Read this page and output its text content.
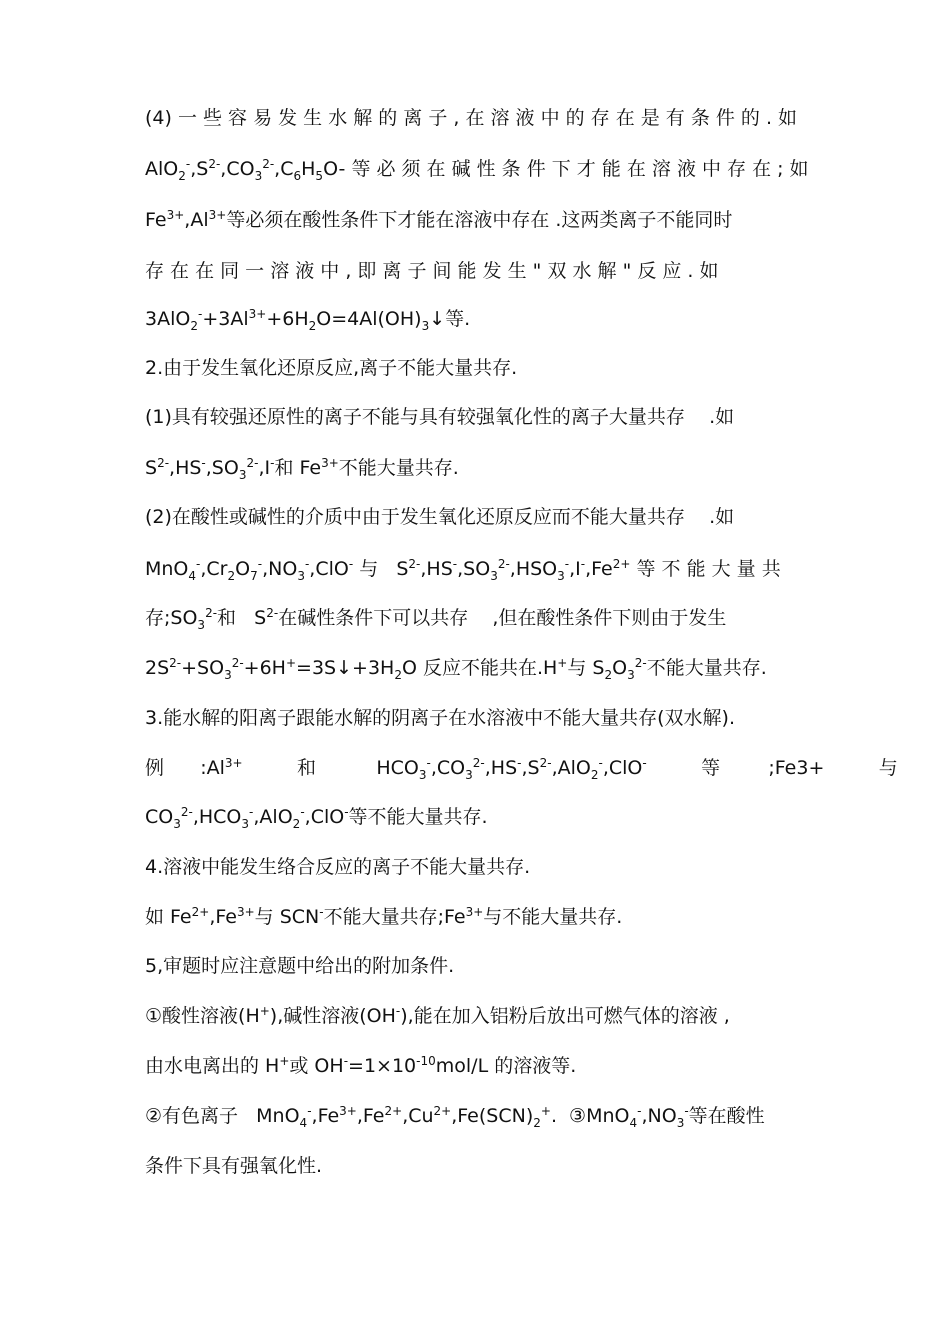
(4) 一 些 容 易 发 生 水 解 的 离 子 , 在 溶 液 中 的 存 在 是 有 条 件 的 . 如
$AlO_2^-,S^{2-},CO_3^{2-},C_6H_5O-$ 等 必 须 在 碱 性 条 件 下 才 能 在 溶 液 中 存 在 ; 如
$Fe^{3+},Al^{3+}$等必须在酸性条件下才能在溶液中存在 .这两类离子不能同时
存 在 在 同 一 溶 液 中 , 即 离 子 间 能 发 生 " 双 水 解 " 反 应 . 如
$3AlO_2^-+3Al^{3+}+6H_2O=4Al(OH)_3↓$等.
2.由于发生氧化还原反应,离子不能大量共存.
(1)具有较强还原性的离子不能与具有较强氧化性的离子大量共存    .如
$S^{2-},HS^-,SO_3^{2-},I^-$和 $Fe^{3+}$不能大量共存.
(2)在酸性或碱性的介质中由于发生氧化还原反应而不能大量共存    .如
$MnO_4^-,Cr_2O_7^-,NO_3^-,ClO^-$ 与   $S^{2-},HS^-,SO_3^{2-},HSO_3^-,I^-,Fe^{2+}$ 等 不 能 大 量 共
存$;SO_3^{2-}$和   $S^{2-}$在碱性条件下可以共存    ,但在酸性条件下则由于发生
$2S^{2-}+SO_3^{2-}+6H^+=3S↓+3H_2O$ 反应不能共在.H+与 $S_2O_3^{2-}$不能大量共存.
3.能水解的阳离子跟能水解的阴离子在水溶液中不能大量共存(双水解).
例      $:Al^{3+}$         和          $HCO_3^-,CO_3^{2-},HS^-,S^{2-},AlO_2^-,ClO^-$         等        ;Fe3+         与
$CO_3^{2-},HCO_3^-,AlO_2^-,ClO^-$等不能大量共存.
4.溶液中能发生络合反应的离子不能大量共存.
如 $Fe^{2+},Fe^{3+}$与 SCN-不能大量共存$;Fe^{3+}$与不能大量共存.
5,审题时应注意题中给出的附加条件.
①酸性溶液(H+),碱性溶液(OH-),能在加入铝粉后放出可燃气体的溶液 ,
由水电离出的 H+或 $OH^-=1\times 10^{-10}mol/L$ 的溶液等.
②有色离子   $MnO_4^-,Fe^{3+},Fe^{2+},Cu^{2+},Fe(SCN)_2^+$.  $③MnO_4^-,NO_3^-$等在酸性
条件下具有强氧化性.
